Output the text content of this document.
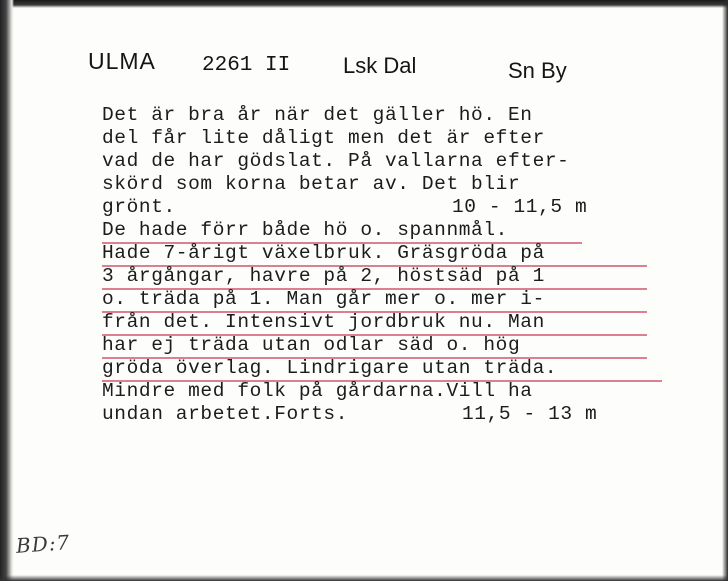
ULMA 2261 II Lsk Dal	Sn By
Det är bra år när det gäller hö. En
del får lite dåligt men det är efter
vad de har gödslat. På vallarna efter-
skörd som korna betar av. Det blir
grönt.	10 - 11,5 m
De hade förr både hö o. spannmål.
Hade 7-årigt växelbruk. Gräsgröda på
3 årgångar, havre på 2, höstsäd på 1
o. träda på 1. Man går mer o. mer i-
från det. Intensivt jordbruk nu. Man
har ej träda utan odlar säd o. hög
gröda överlag. Lindrigare utan träda.
Mindre med folk på gårdarna.Vill ha
undan arbetet.Forts.	11,5 - 13 m
BD:7
